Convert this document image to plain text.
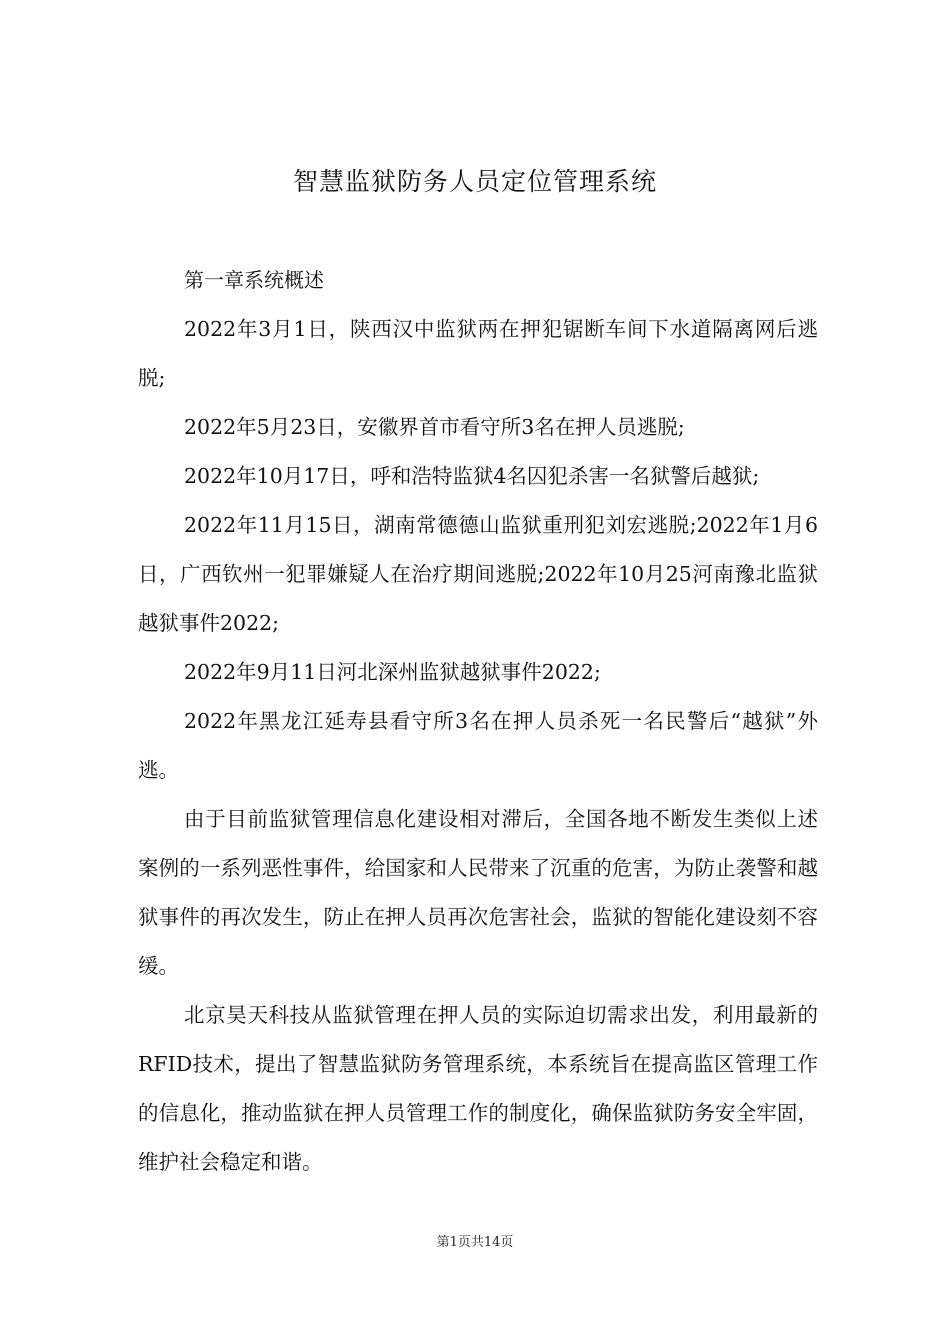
智慧监狱防务人员定位管理系统

第一章系统概述

2022年3月1日，陕西汉中监狱两在押犯锯断车间下水道隔离网后逃脱;

2022年5月23日，安徽界首市看守所3名在押人员逃脱;

2022年10月17日，呼和浩特监狱4名囚犯杀害一名狱警后越狱;

2022年11月15日，湖南常德德山监狱重刑犯刘宏逃脱;2022年1月6日，广西钦州一犯罪嫌疑人在治疗期间逃脱;2022年10月25河南豫北监狱越狱事件2022;

2022年9月11日河北深州监狱越狱事件2022;

2022年黑龙江延寿县看守所3名在押人员杀死一名民警后“越狱”外逃。

由于目前监狱管理信息化建设相对滞后，全国各地不断发生类似上述案例的一系列恶性事件，给国家和人民带来了沉重的危害，为防止袭警和越狱事件的再次发生，防止在押人员再次危害社会，监狱的智能化建设刻不容缓。

北京昊天科技从监狱管理在押人员的实际迫切需求出发，利用最新的RFID技术，提出了智慧监狱防务管理系统，本系统旨在提高监区管理工作的信息化，推动监狱在押人员管理工作的制度化，确保监狱防务安全牢固，维护社会稳定和谐。

第1页共14页
